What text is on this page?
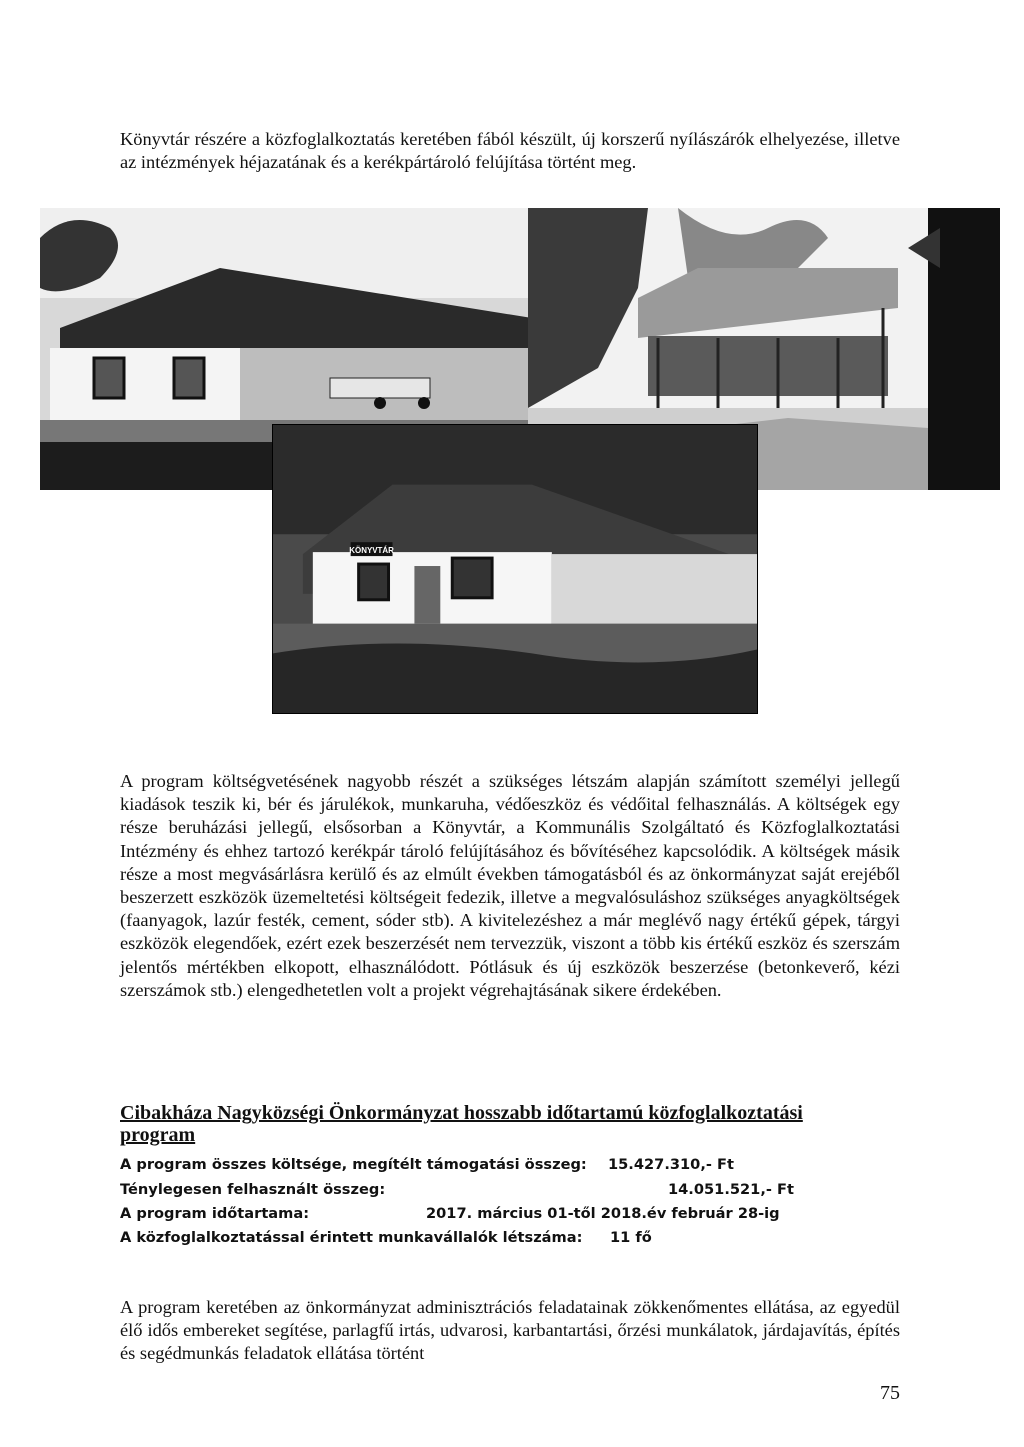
Könyvtár részére a közfoglalkoztatás keretében fából készült, új korszerű nyílászárók elhelyezése, illetve az intézmények héjazatának és a kerékpártároló felújítása történt meg.

KÖNYVTÁR

A program költségvetésének nagyobb részét a szükséges létszám alapján számított személyi jellegű kiadások teszik ki, bér és járulékok, munkaruha, védőeszköz és védőital felhasználás. A költségek egy része beruházási jellegű, elsősorban a Könyvtár, a Kommunális Szolgáltató és Közfoglalkoztatási Intézmény és ehhez tartozó kerékpár tároló felújításához és bővítéséhez kapcsolódik. A költségek másik része a most megvásárlásra kerülő és az elmúlt években támogatásból és az önkormányzat saját erejéből beszerzett eszközök üzemeltetési költségeit fedezik, illetve a megvalósuláshoz szükséges anyagköltségek (faanyagok, lazúr festék, cement, sóder stb). A kivitelezéshez a már meglévő nagy értékű gépek, tárgyi eszközök elegendőek, ezért ezek beszerzését nem tervezzük, viszont a több kis értékű eszköz és szerszám jelentős mértékben elkopott, elhasználódott. Pótlásuk és új eszközök beszerzése (betonkeverő, kézi szerszámok stb.) elengedhetetlen volt a projekt végrehajtásának sikere érdekében.

Cibakháza Nagyközségi Önkormányzat hosszabb időtartamú közfoglalkoztatási program
A program összes költsége, megítélt támogatási összeg: 15.427.310,- Ft
Ténylegesen felhasznált összeg:	14.051.521,- Ft
A program időtartama:	2017. március 01-től 2018.év február 28-ig
A közfoglalkoztatással érintett munkavállalók létszáma: 11 fő

A program keretében az önkormányzat adminisztrációs feladatainak zökkenőmentes ellátása, az egyedül élő idős embereket segítése, parlagfű irtás, udvarosi, karbantartási, őrzési munkálatok, járdajavítás, építés és segédmunkás feladatok ellátása történt

75
